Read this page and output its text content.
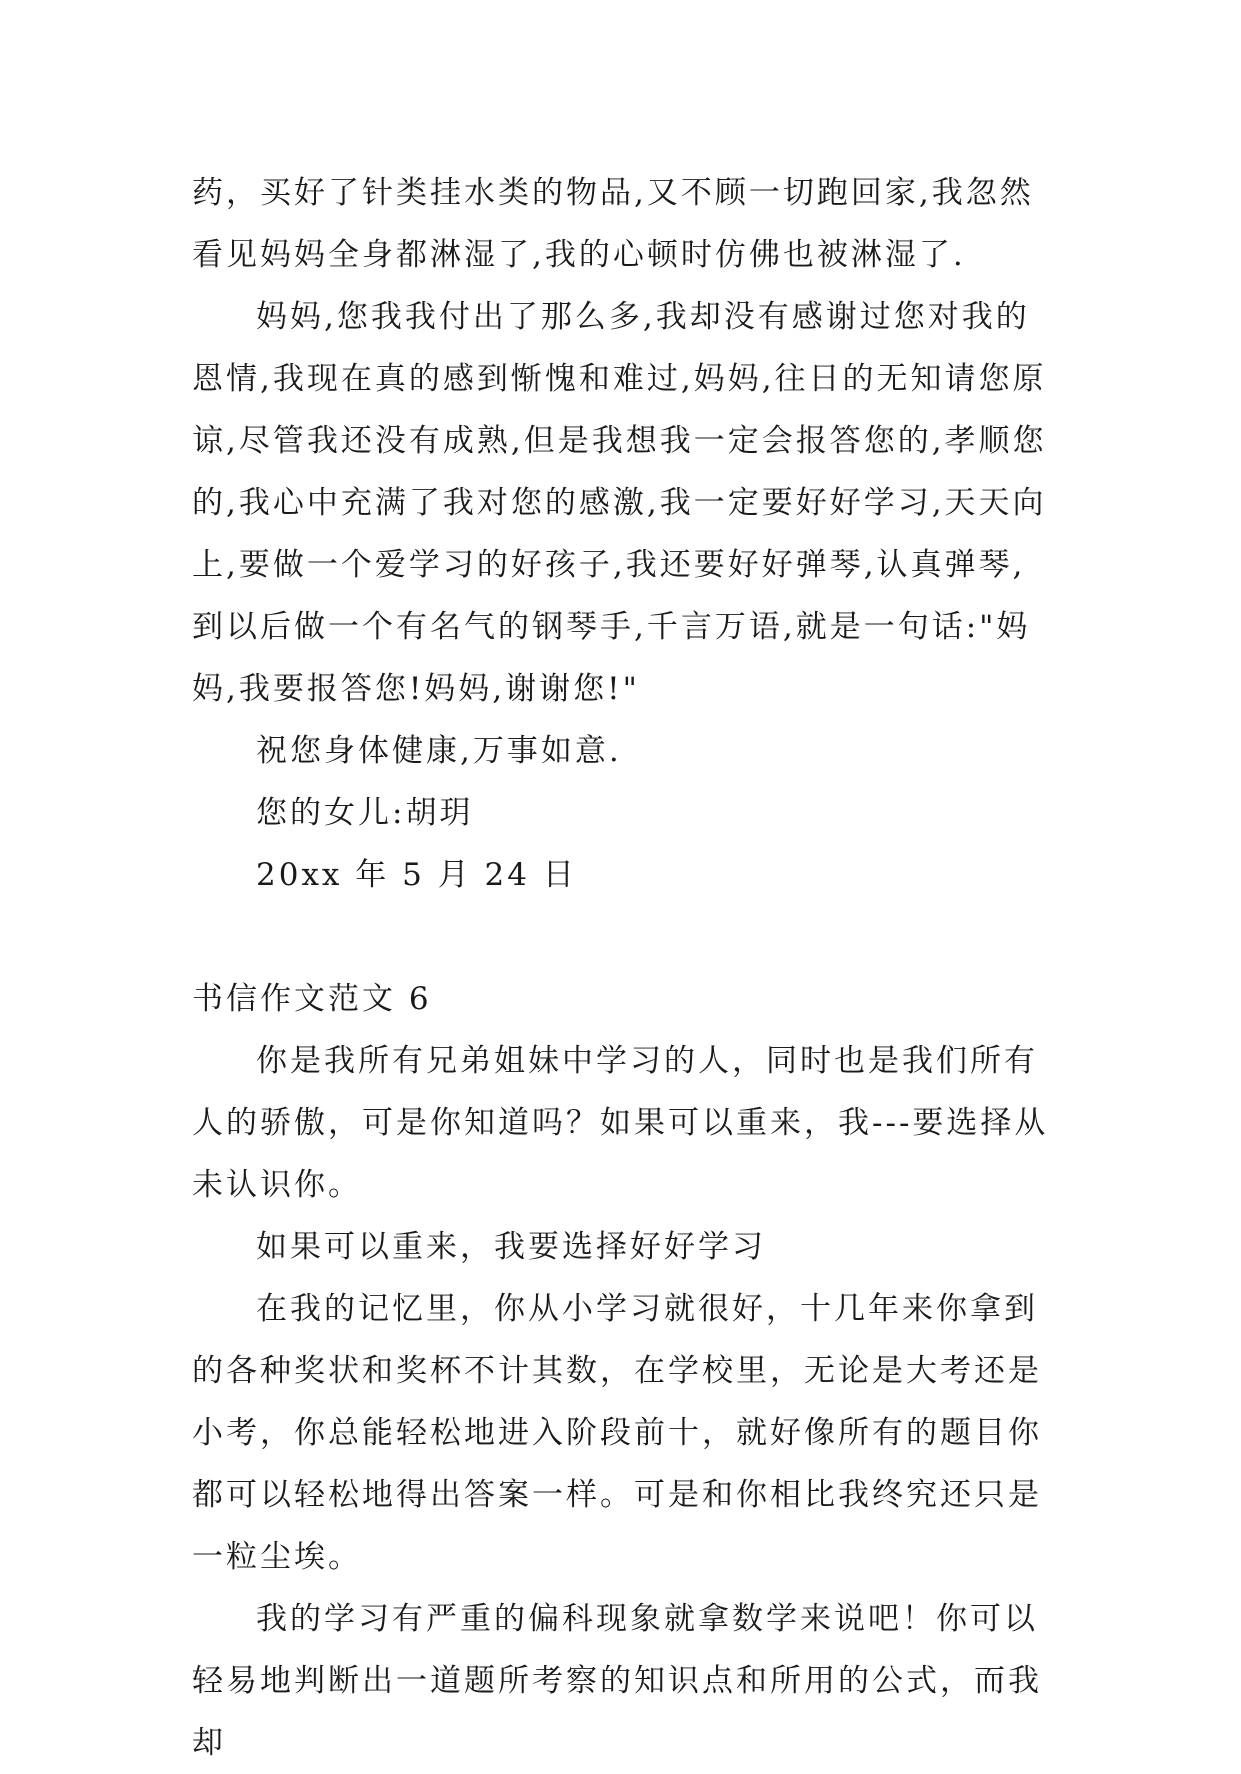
药，买好了针类挂水类的物品,又不顾一切跑回家,我忽然看见妈妈全身都淋湿了,我的心顿时仿佛也被淋湿了.

妈妈,您我我付出了那么多,我却没有感谢过您对我的恩情,我现在真的感到惭愧和难过,妈妈,往日的无知请您原谅,尽管我还没有成熟,但是我想我一定会报答您的,孝顺您的,我心中充满了我对您的感激,我一定要好好学习,天天向上,要做一个爱学习的好孩子,我还要好好弹琴,认真弹琴,到以后做一个有名气的钢琴手,千言万语,就是一句话:"妈妈,我要报答您!妈妈,谢谢您!"

祝您身体健康,万事如意.

您的女儿:胡玥

20xx 年 5 月 24 日

书信作文范文 6

你是我所有兄弟姐妹中学习的人，同时也是我们所有人的骄傲，可是你知道吗？如果可以重来，我---要选择从未认识你。

如果可以重来，我要选择好好学习

在我的记忆里，你从小学习就很好，十几年来你拿到的各种奖状和奖杯不计其数，在学校里，无论是大考还是小考，你总能轻松地进入阶段前十，就好像所有的题目你都可以轻松地得出答案一样。可是和你相比我终究还只是一粒尘埃。

我的学习有严重的偏科现象就拿数学来说吧！你可以轻易地判断出一道题所考察的知识点和所用的公式，而我却
